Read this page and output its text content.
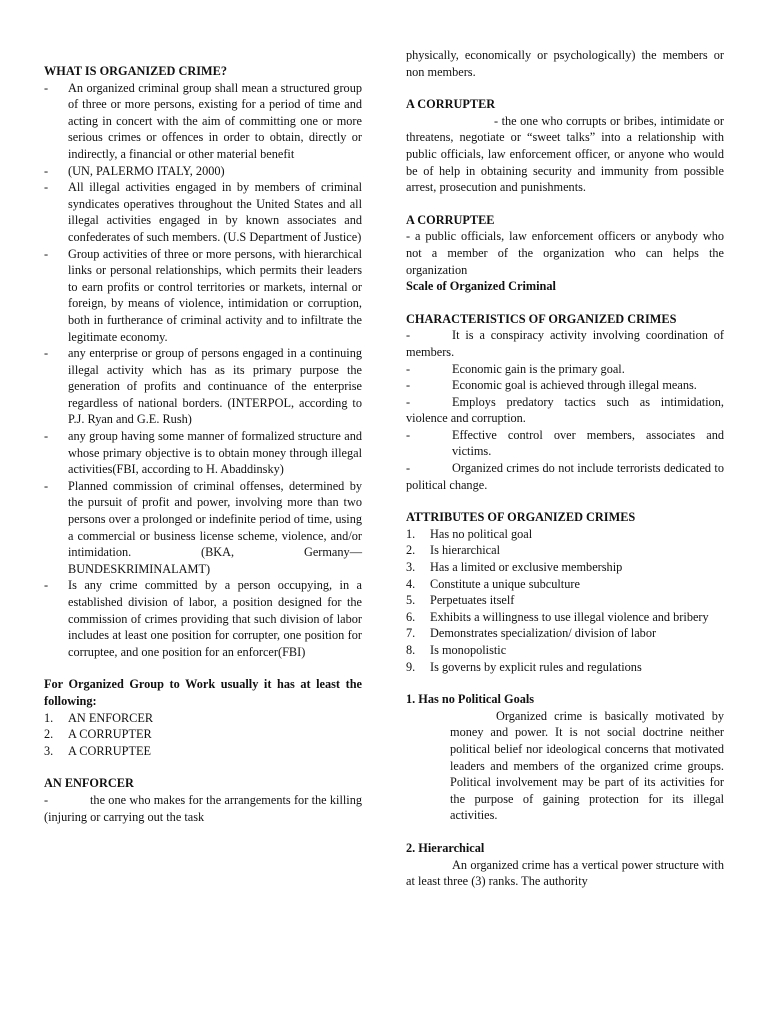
WHAT IS ORGANIZED CRIME?

- An organized criminal group shall mean a structured group of three or more persons, existing for a period of time and acting in concert with the aim of committing one or more serious crimes or offences in order to obtain, directly or indirectly, a financial or other material benefit
- (UN, PALERMO ITALY, 2000)
- All illegal activities engaged in by members of criminal syndicates operatives throughout the United States and all illegal activities engaged in by known associates and confederates of such members. (U.S Department of Justice)
- Group activities of three or more persons, with hierarchical links or personal relationships, which permits their leaders to earn profits or control territories or markets, internal or foreign, by means of violence, intimidation or corruption, both in furtherance of criminal activity and to infiltrate the legitimate economy.
- any enterprise or group of persons engaged in a continuing illegal activity which has as its primary purpose the generation of profits and continuance of the enterprise regardless of national borders. (INTERPOL, according to P.J. Ryan and G.E. Rush)
- any group having some manner of formalized structure and whose primary objective is to obtain money through illegal activities(FBI, according to H. Abaddinsky)
- Planned commission of criminal offenses, determined by the pursuit of profit and power, involving more than two persons over a prolonged or indefinite period of time, using a commercial or business license scheme, violence, and/or intimidation. (BKA, Germany—BUNDESKRIMINALAMT)
- Is any crime committed by a person occupying, in a established division of labor, a position designed for the commission of crimes providing that such division of labor includes at least one position for corrupter, one position for corruptee, and one position for an enforcer(FBI)

For Organized Group to Work usually it has at least the following:

1. AN ENFORCER
2. A CORRUPTER
3. A CORRUPTEE

AN ENFORCER

-	the one who makes for the arrangements for the killing (injuring or carrying out the task

physically, economically or psychologically) the members or non members.

A CORRUPTER

- the one who corrupts or bribes, intimidate or threatens, negotiate or “sweet talks” into a relationship with public officials, law enforcement officer, or anyone who would be of help in obtaining security and immunity from possible arrest, prosecution and punishments.

A CORRUPTEE

- a public officials, law enforcement officers or anybody who not a member of the organization who can helps the organization

Scale of Organized Criminal

CHARACTERISTICS OF ORGANIZED CRIMES

-	It is a conspiracy activity involving coordination of members.

-	Economic gain is the primary goal.

-	Economic goal is achieved through illegal means.

-	Employs predatory tactics such as intimidation, violence and corruption.

-	Effective control over members, associates and victims.

-	Organized crimes do not include terrorists dedicated to political change.

ATTRIBUTES OF ORGANIZED CRIMES

1. Has no political goal
2. Is hierarchical
3. Has a limited or exclusive membership
4. Constitute a unique subculture
5. Perpetuates itself
6. Exhibits a willingness to use illegal violence and bribery
7. Demonstrates specialization/ division of labor
8. Is monopolistic
9. Is governs by explicit rules and regulations

1. Has no Political Goals

Organized crime is basically motivated by money and power. It is not social doctrine neither political belief nor ideological concerns that motivated leaders and members of the organized crime groups. Political involvement may be part of its activities for the purpose of gaining protection for its illegal activities.

2. Hierarchical

An organized crime has a vertical power structure with at least three (3) ranks. The authority
